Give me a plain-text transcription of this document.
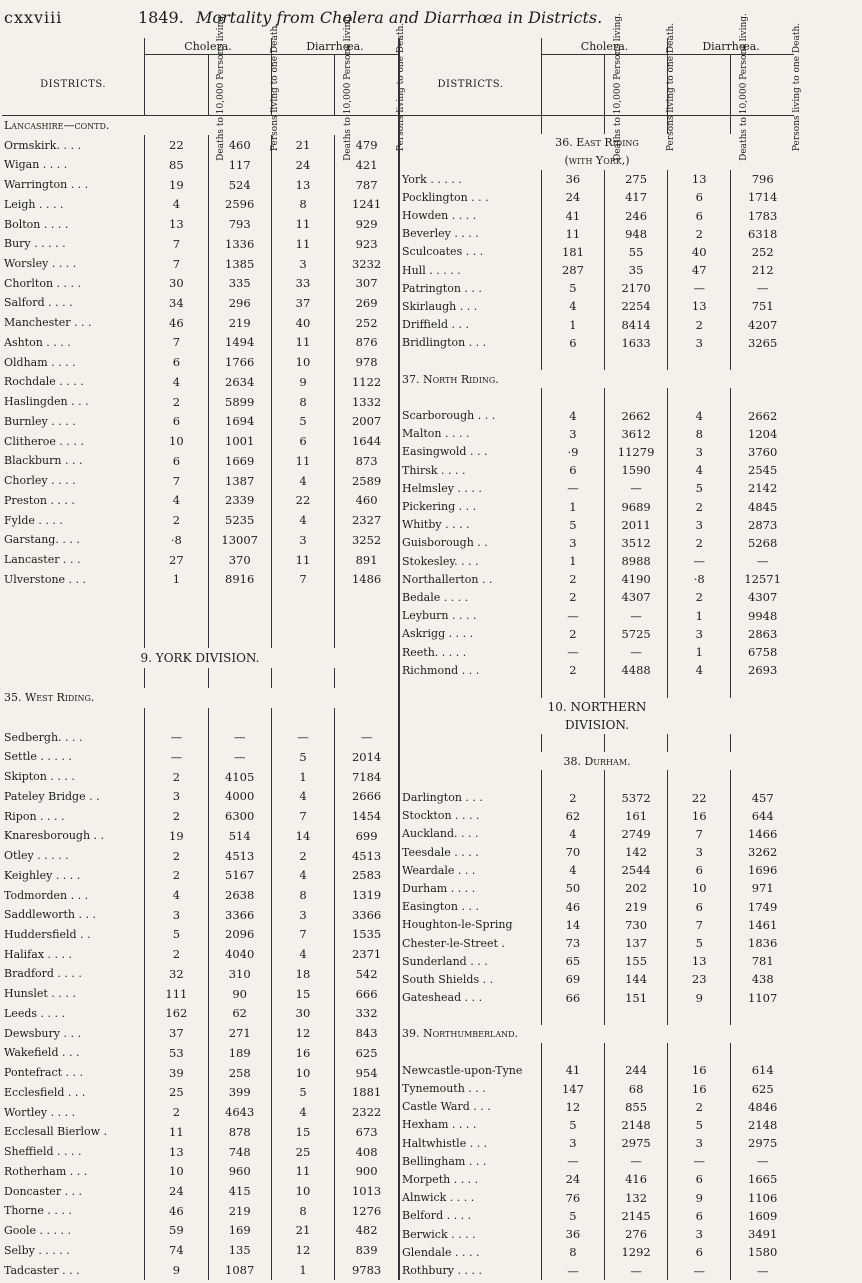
cxxviii	1849. Mortality from Cholera and Diarrhœa in Districts.
	Cholera.		Diarrhœa.	
DISTRICTS.	Deaths to 10,000 Persons living.	Persons living to one Death.	Deaths to 10,000 Persons living.	Persons living to one Death.
Lancashire—contd.				
Ormskirk. . . .	22	460	21	479
Wigan . . . .	85	117	24	421
Warrington . . .	19	524	13	787
Leigh . . . .	4	2596	8	1241
Bolton . . . .	13	793	11	929
Bury . . . . .	7	1336	11	923
Worsley . . . .	7	1385	3	3232
Chorlton . . . .	30	335	33	307
Salford . . . .	34	296	37	269
Manchester . . .	46	219	40	252
Ashton . . . .	7	1494	11	876
Oldham . . . .	6	1766	10	978
Rochdale . . . .	4	2634	9	1122
Haslingden . . .	2	5899	8	1332
Burnley . . . .	6	1694	5	2007
Clitheroe . . . .	10	1001	6	1644
Blackburn . . .	6	1669	11	873
Chorley . . . .	7	1387	4	2589
Preston . . . .	4	2339	22	460
Fylde . . . .	2	5235	4	2327
Garstang. . . .	·8	13007	3	3252
Lancaster . . .	27	370	11	891
Ulverstone . . .	1	8916	7	1486

9. YORK DIVISION.				

35. West Riding.				

Sedbergh. . . .	—	—	—	—
Settle . . . . .	—	—	5	2014
Skipton . . . .	2	4105	1	7184
Pateley Bridge . .	3	4000	4	2666
Ripon . . . .	2	6300	7	1454
Knaresborough . .	19	514	14	699
Otley . . . . .	2	4513	2	4513
Keighley . . . .	2	5167	4	2583
Todmorden . . .	4	2638	8	1319
Saddleworth . . .	3	3366	3	3366
Huddersfield . .	5	2096	7	1535
Halifax . . . .	2	4040	4	2371
Bradford . . . .	32	310	18	542
Hunslet . . . .	111	90	15	666
Leeds . . . .	162	62	30	332
Dewsbury . . .	37	271	12	843
Wakefield . . .	53	189	16	625
Pontefract . . .	39	258	10	954
Ecclesfield . . .	25	399	5	1881
Wortley . . . .	2	4643	4	2322
Ecclesall Bierlow .	11	878	15	673
Sheffield . . . .	13	748	25	408
Rotherham . . .	10	960	11	900
Doncaster . . .	24	415	10	1013
Thorne . . . .	46	219	8	1276
Goole . . . . .	59	169	21	482
Selby . . . . .	74	135	12	839
Tadcaster . . .	9	1087	1	9783
	Cholera.		Diarrhœa.	
DISTRICTS.	Deaths to 10,000 Persons living.	Persons living to one Death.	Deaths to 10,000 Persons living.	Persons living to one Death.

36. East Riding				
(with York,)				
York . . . . .	36	275	13	796
Pocklington . . .	24	417	6	1714
Howden . . . .	41	246	6	1783
Beverley . . . .	11	948	2	6318
Sculcoates . . .	181	55	40	252
Hull . . . . .	287	35	47	212
Patrington . . .	5	2170	—	—
Skirlaugh . . .	4	2254	13	751
Driffield . . .	1	8414	2	4207
Bridlington . . .	6	1633	3	3265

37. North Riding.				

Scarborough . . .	4	2662	4	2662
Malton . . . .	3	3612	8	1204
Easingwold . . .	·9	11279	3	3760
Thirsk . . . .	6	1590	4	2545
Helmsley . . . .	—	—	5	2142
Pickering . . .	1	9689	2	4845
Whitby . . . .	5	2011	3	2873
Guisborough . .	3	3512	2	5268
Stokesley. . . .	1	8988	—	—
Northallerton . .	2	4190	·8	12571
Bedale . . . .	2	4307	2	4307
Leyburn . . . .	—	—	1	9948
Askrigg . . . .	2	5725	3	2863
Reeth. . . . .	—	—	1	6758
Richmond . . .	2	4488	4	2693

10. NORTHERN				
DIVISION.				

38. Durham.				

Darlington . . .	2	5372	22	457
Stockton . . . .	62	161	16	644
Auckland. . . .	4	2749	7	1466
Teesdale . . . .	70	142	3	3262
Weardale . . .	4	2544	6	1696
Durham . . . .	50	202	10	971
Easington . . .	46	219	6	1749
Houghton-le-Spring	14	730	7	1461
Chester-le-Street .	73	137	5	1836
Sunderland . . .	65	155	13	781
South Shields . .	69	144	23	438
Gateshead . . .	66	151	9	1107

39. Northumberland.				

Newcastle-upon-Tyne	41	244	16	614
Tynemouth . . .	147	68	16	625
Castle Ward . . .	12	855	2	4846
Hexham . . . .	5	2148	5	2148
Haltwhistle . . .	3	2975	3	2975
Bellingham . . .	—	—	—	—
Morpeth . . . .	24	416	6	1665
Alnwick . . . .	76	132	9	1106
Belford . . . .	5	2145	6	1609
Berwick . . . .	36	276	3	3491
Glendale . . . .	8	1292	6	1580
Rothbury . . . .	—	—	—	—
